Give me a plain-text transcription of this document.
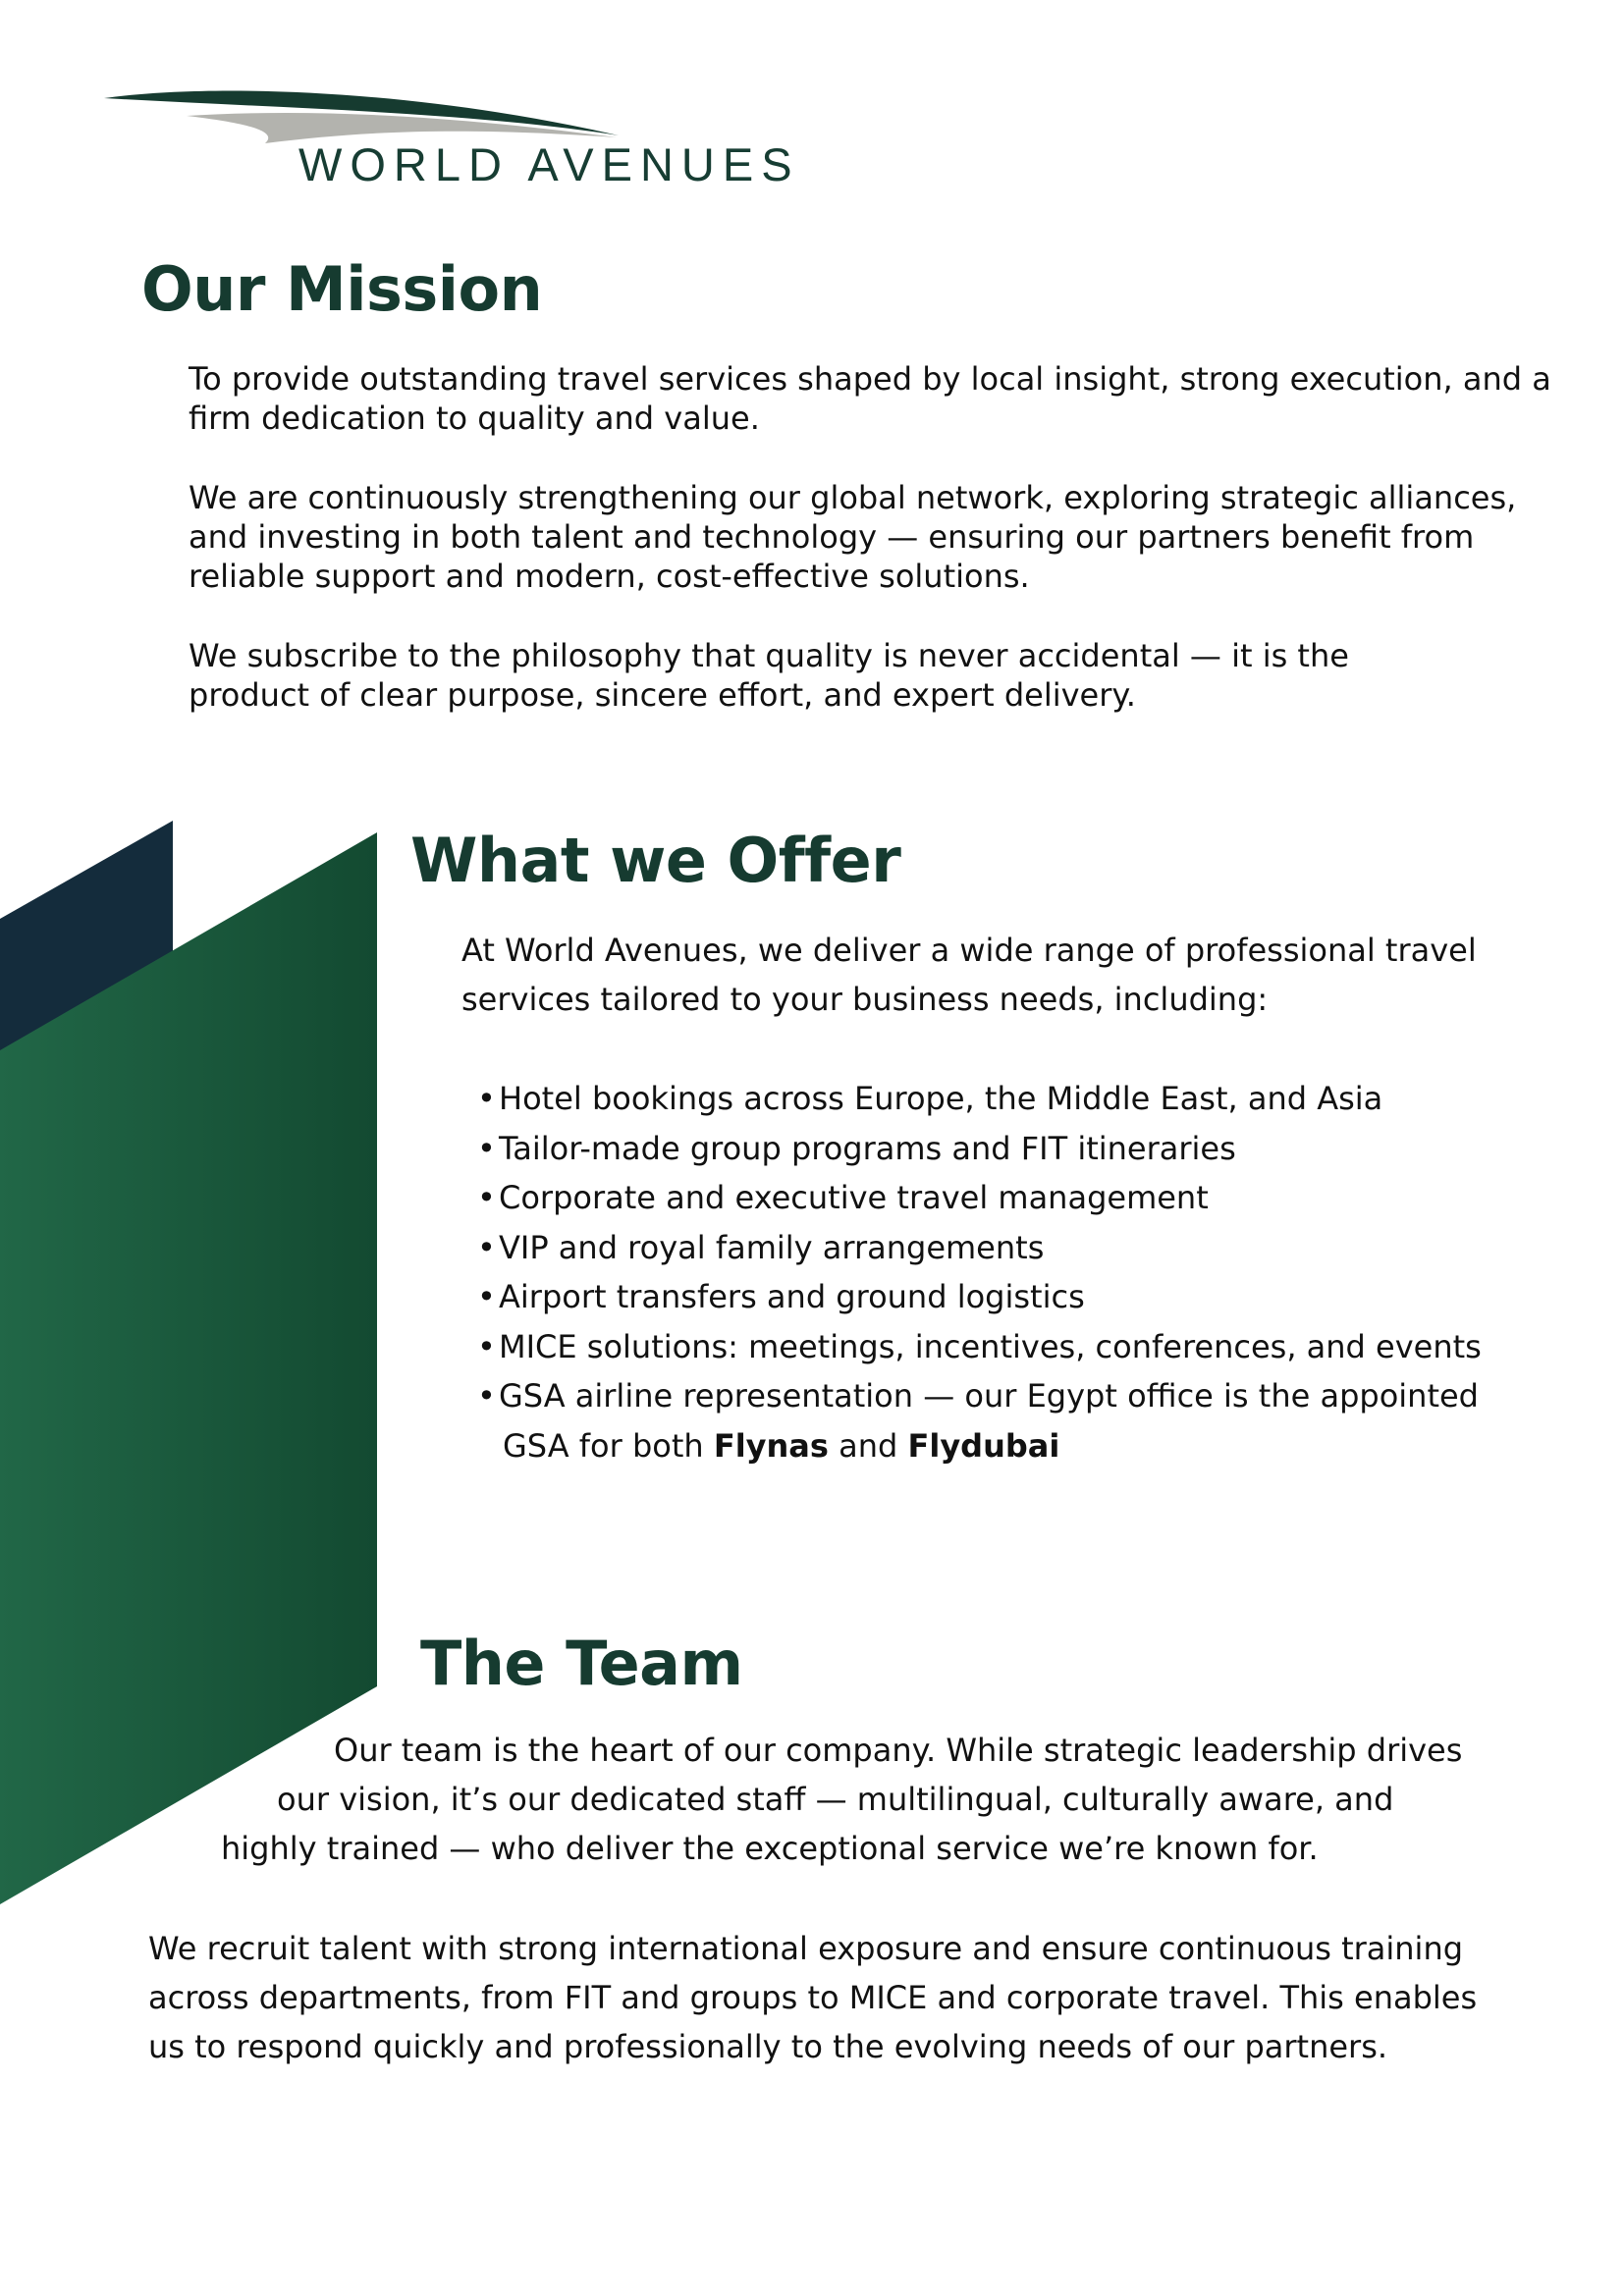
WORLD AVENUES
Our Mission

To provide outstanding travel services shaped by local insight, strong execution, and a firm dedication to quality and value.

We are continuously strengthening our global network, exploring strategic alliances, and investing in both talent and technology — ensuring our partners benefit from reliable support and modern, cost-effective solutions.

We subscribe to the philosophy that quality is never accidental — it is the product of clear purpose, sincere effort, and expert delivery.

What we Offer

At World Avenues, we deliver a wide range of professional travel services tailored to your business needs, including:

• Hotel bookings across Europe, the Middle East, and Asia
• Tailor-made group programs and FIT itineraries
• Corporate and executive travel management
• VIP and royal family arrangements
• Airport transfers and ground logistics
• MICE solutions: meetings, incentives, conferences, and events
• GSA airline representation — our Egypt office is the appointed
GSA for both Flynas and Flydubai
The Team

Our team is the heart of our company. While strategic leadership drives

our vision, it’s our dedicated staff — multilingual, culturally aware, and

highly trained — who deliver the exceptional service we’re known for.

We recruit talent with strong international exposure and ensure continuous training across departments, from FIT and groups to MICE and corporate travel. This enables us to respond quickly and professionally to the evolving needs of our partners.
